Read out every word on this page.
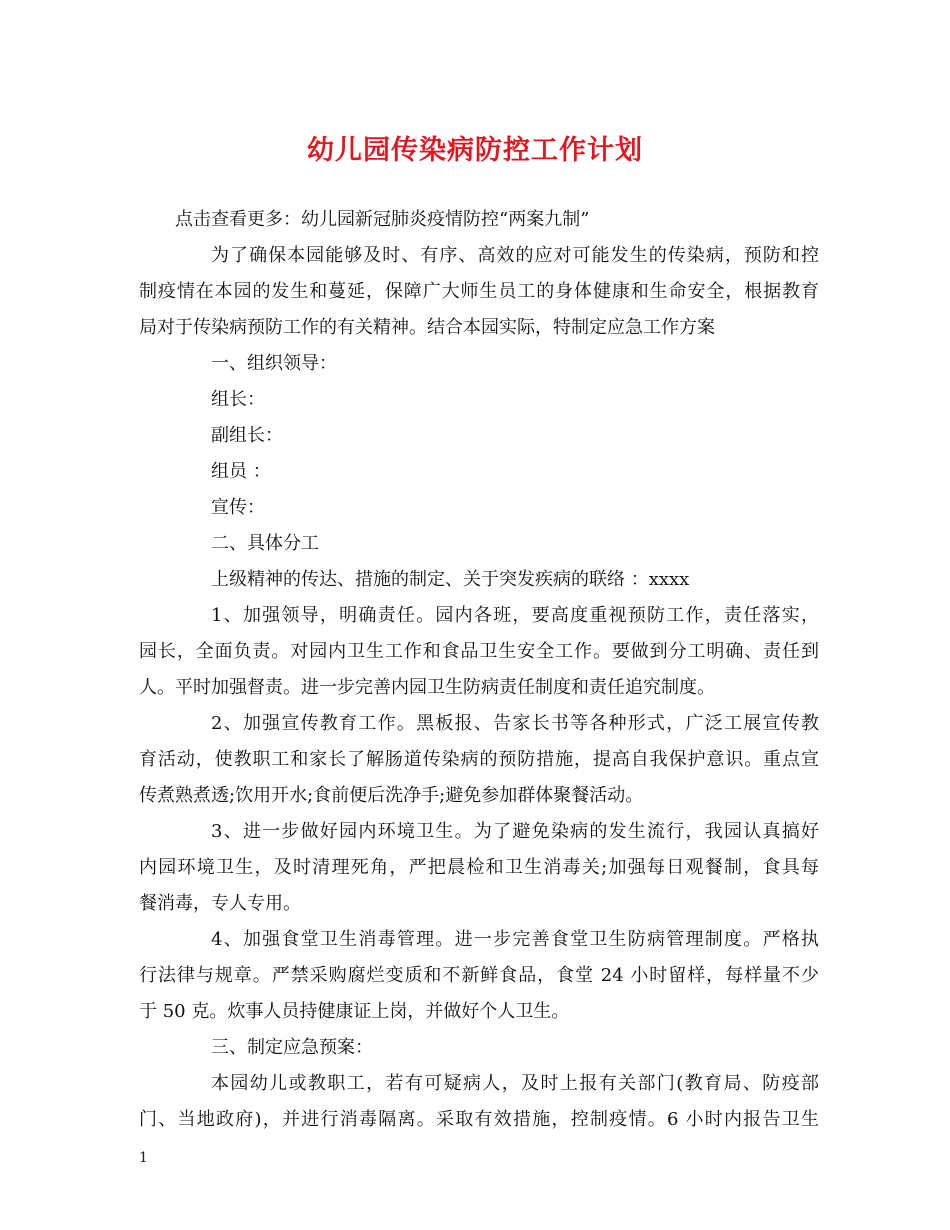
幼儿园传染病防控工作计划
点击查看更多：幼儿园新冠肺炎疫情防控“两案九制”
为了确保本园能够及时、有序、高效的应对可能发生的传染病，预防和控
制疫情在本园的发生和蔓延，保障广大师生员工的身体健康和生命安全，根据教育
局对于传染病预防工作的有关精神。结合本园实际，特制定应急工作方案
一、组织领导：
组长：
副组长：
组员 ：
宣传：
二、具体分工
上级精神的传达、措施的制定、关于突发疾病的联络 ：xxxx
1、加强领导，明确责任。园内各班，要高度重视预防工作，责任落实，
园长，全面负责。对园内卫生工作和食品卫生安全工作。要做到分工明确、责任到
人。平时加强督责。进一步完善内园卫生防病责任制度和责任追究制度。
2、加强宣传教育工作。黑板报、告家长书等各种形式，广泛工展宣传教
育活动，使教职工和家长了解肠道传染病的预防措施，提高自我保护意识。重点宣
传煮熟煮透;饮用开水;食前便后洗净手;避免参加群体聚餐活动。
3、进一步做好园内环境卫生。为了避免染病的发生流行，我园认真搞好
内园环境卫生，及时清理死角，严把晨检和卫生消毒关;加强每日观餐制，食具每
餐消毒，专人专用。
4、加强食堂卫生消毒管理。进一步完善食堂卫生防病管理制度。严格执
行法律与规章。严禁采购腐烂变质和不新鲜食品，食堂 24 小时留样，每样量不少
于 50 克。炊事人员持健康证上岗，并做好个人卫生。
三、制定应急预案：
本园幼儿或教职工，若有可疑病人，及时上报有关部门(教育局、防疫部
门、当地政府)，并进行消毒隔离。采取有效措施，控制疫情。6 小时内报告卫生
1
